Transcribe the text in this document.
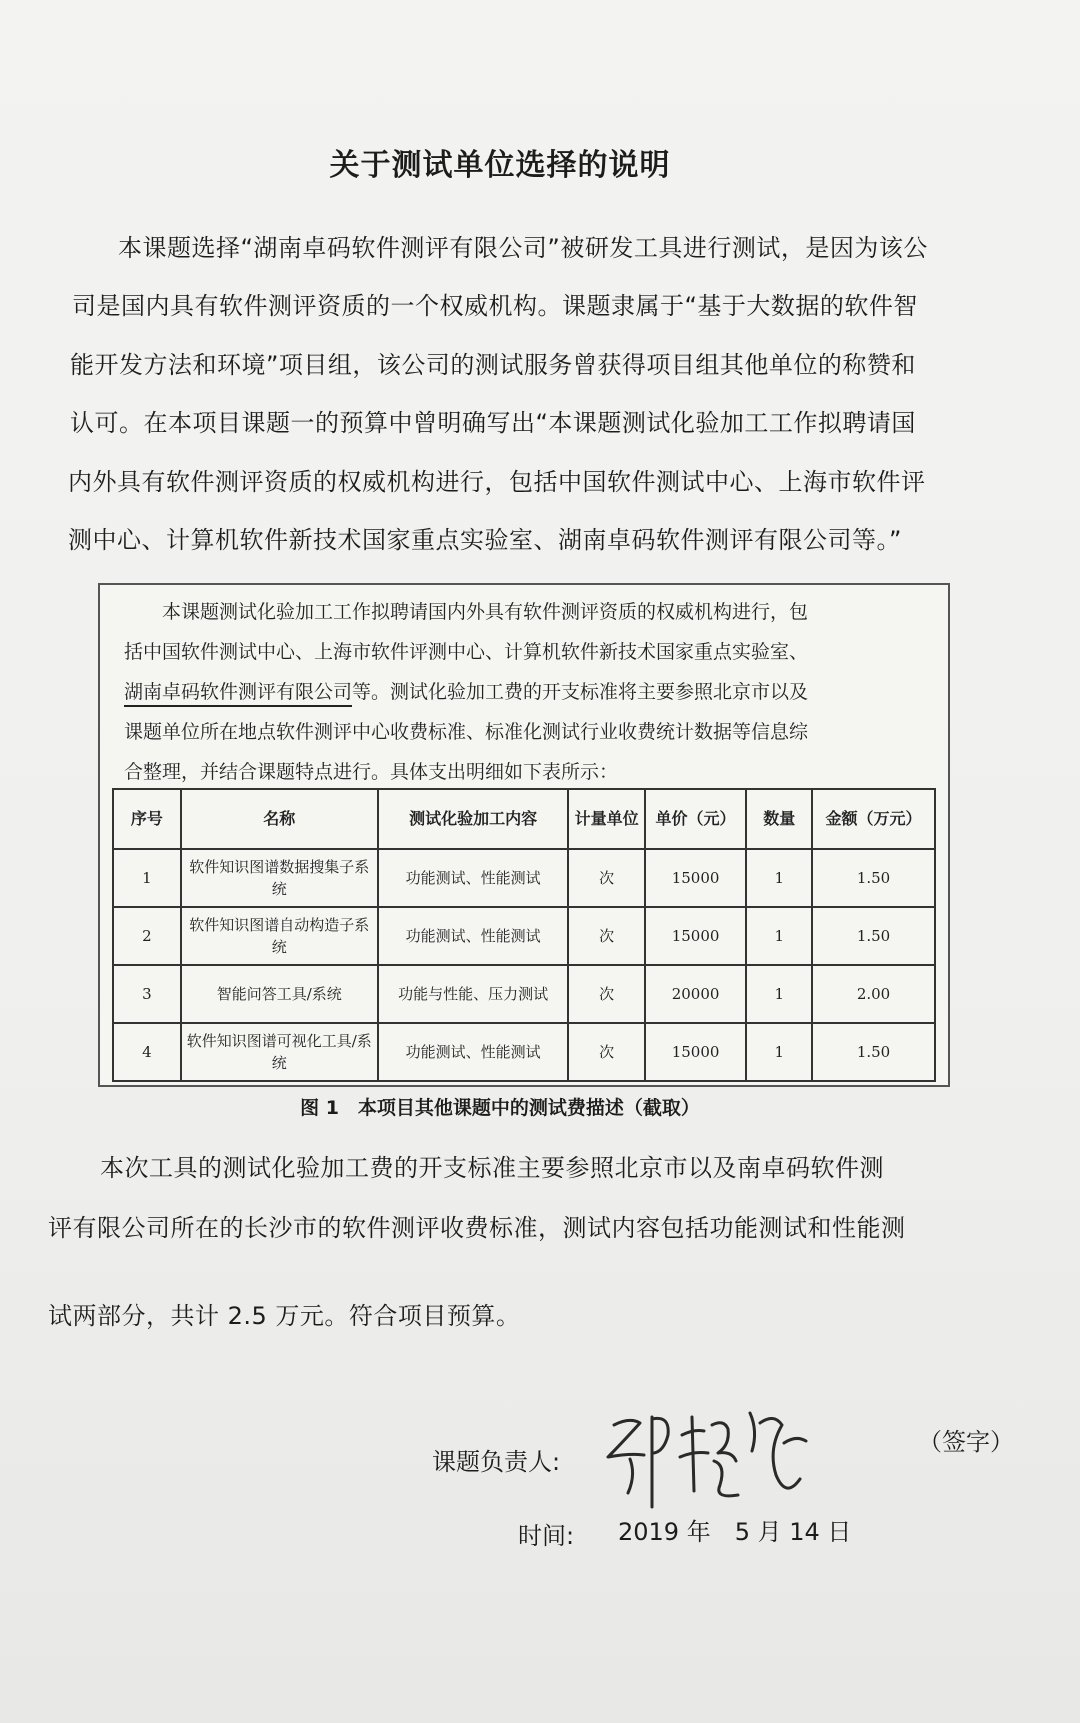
关于测试单位选择的说明
本课题选择“湖南卓码软件测评有限公司”被研发工具进行测试，是因为该公
司是国内具有软件测评资质的一个权威机构。课题隶属于“基于大数据的软件智
能开发方法和环境”项目组，该公司的测试服务曾获得项目组其他单位的称赞和
认可。在本项目课题一的预算中曾明确写出“本课题测试化验加工工作拟聘请国
内外具有软件测评资质的权威机构进行，包括中国软件测试中心、上海市软件评
测中心、计算机软件新技术国家重点实验室、湖南卓码软件测评有限公司等。”
本课题测试化验加工工作拟聘请国内外具有软件测评资质的权威机构进行，包
括中国软件测试中心、上海市软件评测中心、计算机软件新技术国家重点实验室、
湖南卓码软件测评有限公司等。测试化验加工费的开支标准将主要参照北京市以及
课题单位所在地点软件测评中心收费标准、标准化测试行业收费统计数据等信息综
合整理，并结合课题特点进行。具体支出明细如下表所示：
序号	名称	测试化验加工内容	计量单位	单价（元）	数量	金额（万元）
1	软件知识图谱数据搜集子系统	功能测试、性能测试	次	15000	1	1.50
2	软件知识图谱自动构造子系统	功能测试、性能测试	次	15000	1	1.50
3	智能问答工具/系统	功能与性能、压力测试	次	20000	1	2.00
4	软件知识图谱可视化工具/系统	功能测试、性能测试	次	15000	1	1.50
图 1　本项目其他课题中的测试费描述（截取）
本次工具的测试化验加工费的开支标准主要参照北京市以及南卓码软件测
评有限公司所在的长沙市的软件测评收费标准，测试内容包括功能测试和性能测
试两部分，共计 2.5 万元。符合项目预算。
课题负责人:
（签字）
时间: 2019 年　5 月 14 日
